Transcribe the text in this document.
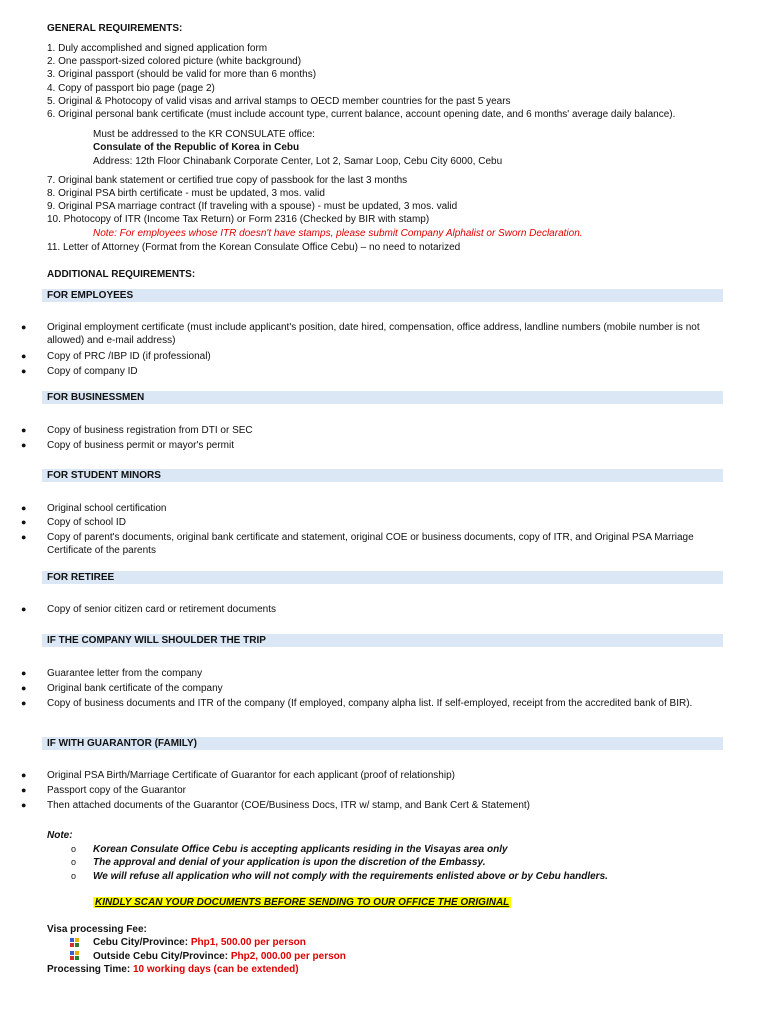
GENERAL REQUIREMENTS:
1. Duly accomplished and signed application form
2. One passport-sized colored picture (white background)
3. Original passport (should be valid for more than 6 months)
4. Copy of passport bio page (page 2)
5. Original & Photocopy of valid visas and arrival stamps to OECD member countries for the past 5 years
6. Original personal bank certificate (must include account type, current balance, account opening date, and 6 months' average daily balance).
Must be addressed to the KR CONSULATE office:
Consulate of the Republic of Korea in Cebu
Address: 12th Floor Chinabank Corporate Center, Lot 2, Samar Loop, Cebu City 6000, Cebu
7. Original bank statement or certified true copy of passbook for the last 3 months
8. Original PSA birth certificate - must be updated, 3 mos. valid
9. Original PSA marriage contract (If traveling with a spouse) - must be updated, 3 mos. valid
10. Photocopy of ITR (Income Tax Return) or Form 2316 (Checked by BIR with stamp)
Note: For employees whose ITR doesn't have stamps, please submit Company Alphalist or Sworn Declaration.
11. Letter of Attorney (Format from the Korean Consulate Office Cebu) – no need to notarized
ADDITIONAL REQUIREMENTS:
FOR EMPLOYEES
● Original employment certificate (must include applicant's position, date hired, compensation, office address, landline numbers (mobile number is not allowed) and e-mail address)
● Copy of PRC /IBP ID (if professional)
● Copy of company ID
FOR BUSINESSMEN
● Copy of business registration from DTI or SEC
● Copy of business permit or mayor's permit
FOR STUDENT MINORS
● Original school certification
● Copy of school ID
● Copy of parent's documents, original bank certificate and statement, original COE or business documents, copy of ITR, and Original PSA Marriage Certificate of the parents
FOR RETIREE
● Copy of senior citizen card or retirement documents
IF THE COMPANY WILL SHOULDER THE TRIP
● Guarantee letter from the company
● Original bank certificate of the company
● Copy of business documents and ITR of the company (If employed, company alpha list. If self-employed, receipt from the accredited bank of BIR).
IF WITH GUARANTOR (FAMILY)
● Original PSA Birth/Marriage Certificate of Guarantor for each applicant (proof of relationship)
● Passport copy of the Guarantor
● Then attached documents of the Guarantor (COE/Business Docs, ITR w/ stamp, and Bank Cert & Statement)
Note:
o Korean Consulate Office Cebu is accepting applicants residing in the Visayas area only
o The approval and denial of your application is upon the discretion of the Embassy.
o We will refuse all application who will not comply with the requirements enlisted above or by Cebu handlers.
KINDLY SCAN YOUR DOCUMENTS BEFORE SENDING TO OUR OFFICE THE ORIGINAL
Visa processing Fee:
Cebu City/Province: Php1, 500.00 per person
Outside Cebu City/Province: Php2, 000.00 per person
Processing Time: 10 working days (can be extended)
